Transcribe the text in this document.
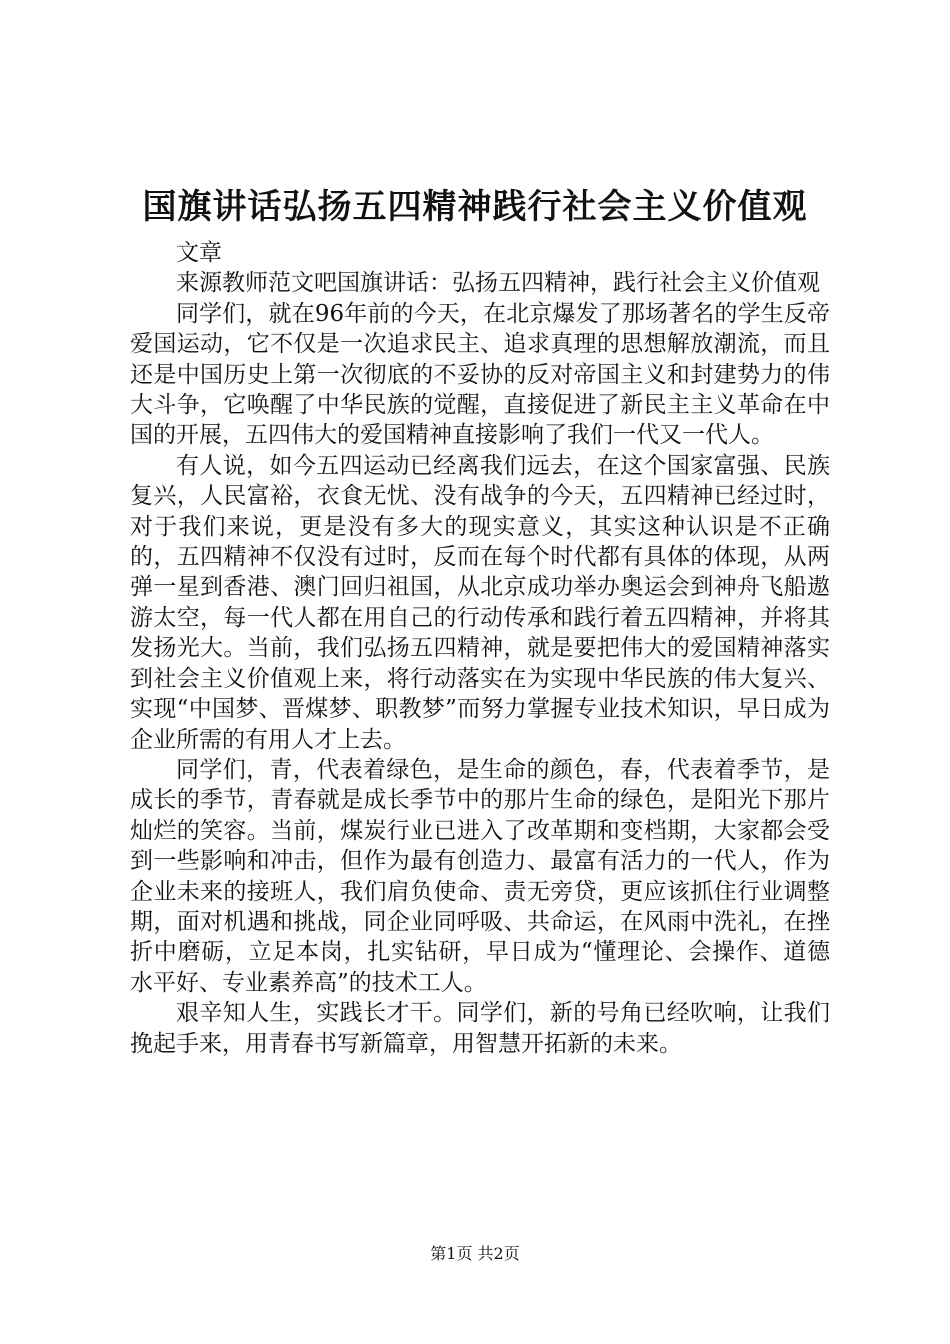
国旗讲话弘扬五四精神践行社会主义价值观

文章

来源教师范文吧国旗讲话：弘扬五四精神，践行社会主义价值观

同学们，就在96年前的今天，在北京爆发了那场著名的学生反帝爱国运动，它不仅是一次追求民主、追求真理的思想解放潮流，而且还是中国历史上第一次彻底的不妥协的反对帝国主义和封建势力的伟大斗争，它唤醒了中华民族的觉醒，直接促进了新民主主义革命在中国的开展，五四伟大的爱国精神直接影响了我们一代又一代人。

有人说，如今五四运动已经离我们远去，在这个国家富强、民族复兴，人民富裕，衣食无忧、没有战争的今天，五四精神已经过时，对于我们来说，更是没有多大的现实意义，其实这种认识是不正确的，五四精神不仅没有过时，反而在每个时代都有具体的体现，从两弹一星到香港、澳门回归祖国，从北京成功举办奥运会到神舟飞船遨游太空，每一代人都在用自己的行动传承和践行着五四精神，并将其发扬光大。当前，我们弘扬五四精神，就是要把伟大的爱国精神落实到社会主义价值观上来，将行动落实在为实现中华民族的伟大复兴、实现“中国梦、晋煤梦、职教梦”而努力掌握专业技术知识，早日成为企业所需的有用人才上去。

同学们，青，代表着绿色，是生命的颜色，春，代表着季节，是成长的季节，青春就是成长季节中的那片生命的绿色，是阳光下那片灿烂的笑容。当前，煤炭行业已进入了改革期和变档期，大家都会受到一些影响和冲击，但作为最有创造力、最富有活力的一代人，作为企业未来的接班人，我们肩负使命、责无旁贷，更应该抓住行业调整期，面对机遇和挑战，同企业同呼吸、共命运，在风雨中洗礼，在挫折中磨砺，立足本岗，扎实钻研，早日成为“懂理论、会操作、道德水平好、专业素养高”的技术工人。

艰辛知人生，实践长才干。同学们，新的号角已经吹响，让我们挽起手来，用青春书写新篇章，用智慧开拓新的未来。

第1页 共2页
